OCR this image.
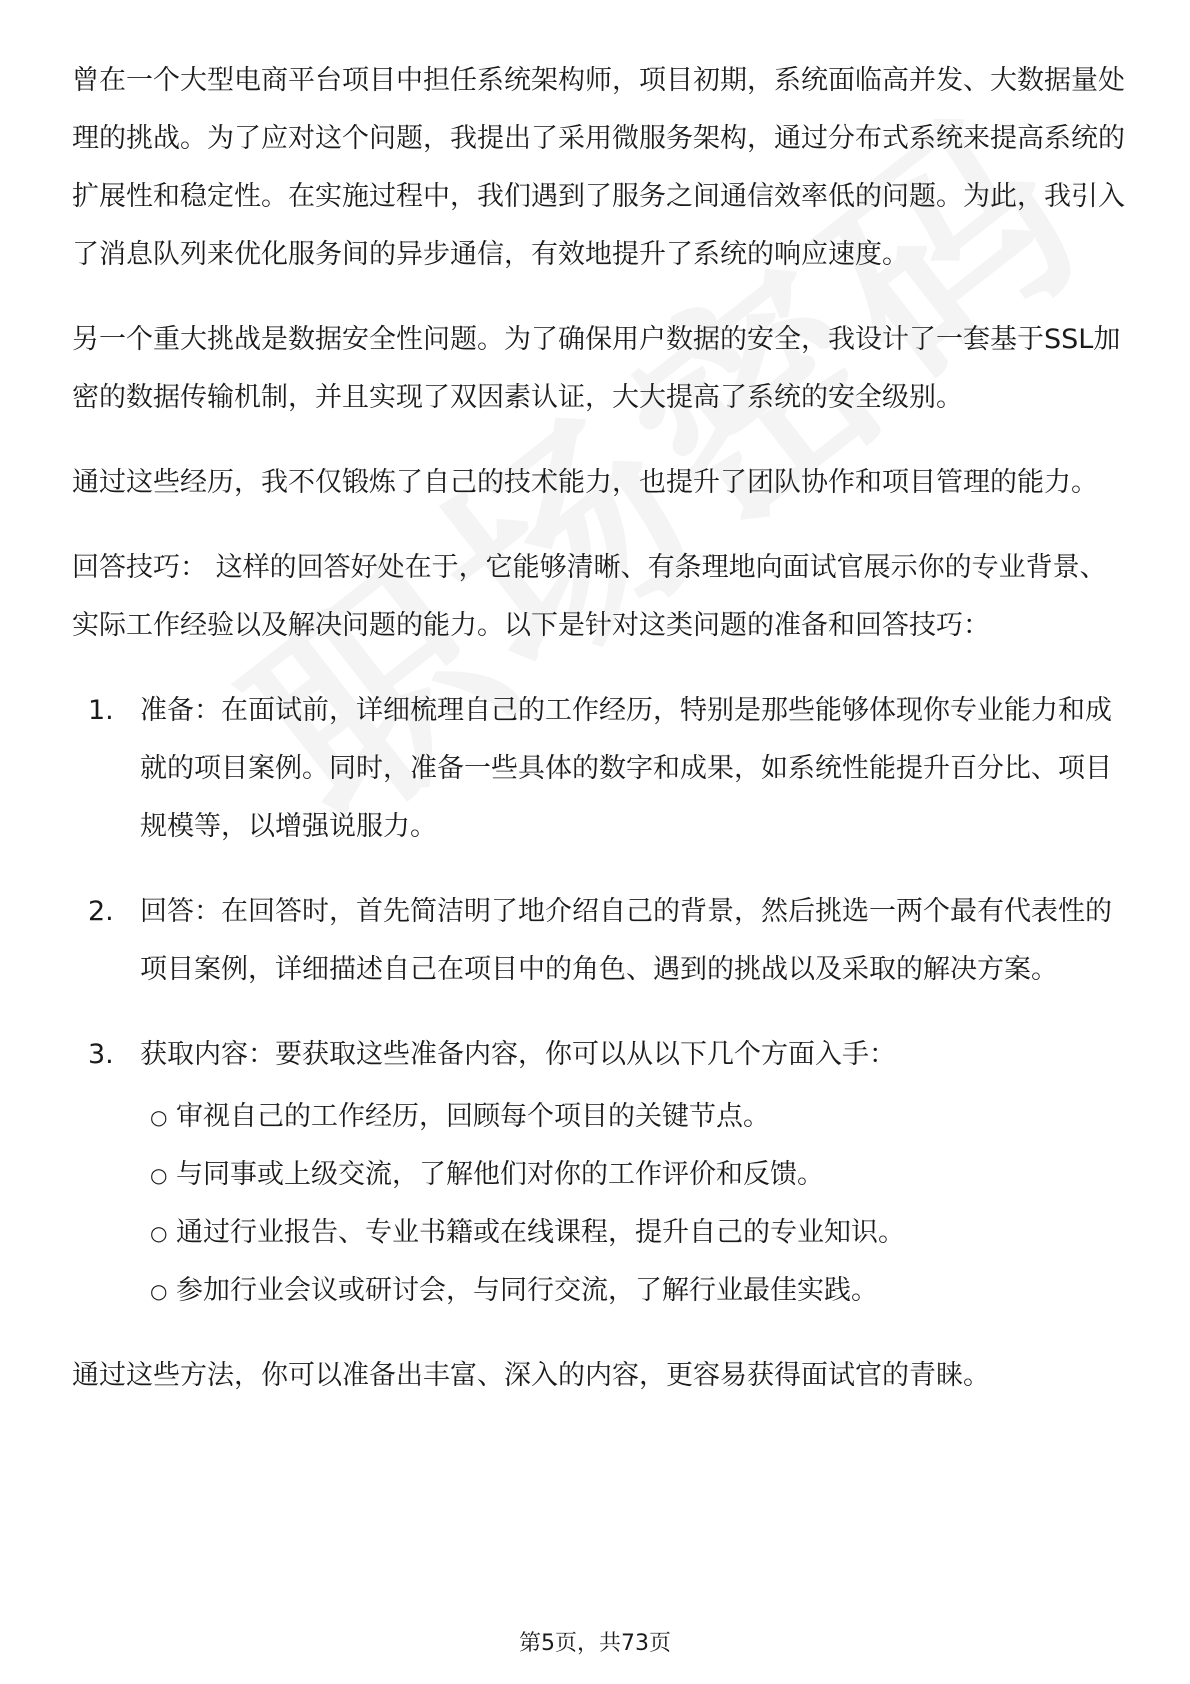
曾在一个大型电商平台项目中担任系统架构师，项目初期，系统面临高并发、大数据量处理的挑战。为了应对这个问题，我提出了采用微服务架构，通过分布式系统来提高系统的扩展性和稳定性。在实施过程中，我们遇到了服务之间通信效率低的问题。为此，我引入了消息队列来优化服务间的异步通信，有效地提升了系统的响应速度。

另一个重大挑战是数据安全性问题。为了确保用户数据的安全，我设计了一套基于SSL加密的数据传输机制，并且实现了双因素认证，大大提高了系统的安全级别。

通过这些经历，我不仅锻炼了自己的技术能力，也提升了团队协作和项目管理的能力。

回答技巧： 这样的回答好处在于，它能够清晰、有条理地向面试官展示你的专业背景、实际工作经验以及解决问题的能力。以下是针对这类问题的准备和回答技巧：

1. 准备：在面试前，详细梳理自己的工作经历，特别是那些能够体现你专业能力和成就的项目案例。同时，准备一些具体的数字和成果，如系统性能提升百分比、项目规模等，以增强说服力。
2. 回答：在回答时，首先简洁明了地介绍自己的背景，然后挑选一两个最有代表性的项目案例，详细描述自己在项目中的角色、遇到的挑战以及采取的解决方案。
3. 获取内容：要获取这些准备内容，你可以从以下几个方面入手：
○ 审视自己的工作经历，回顾每个项目的关键节点。
○ 与同事或上级交流，了解他们对你的工作评价和反馈。
○ 通过行业报告、专业书籍或在线课程，提升自己的专业知识。
○ 参加行业会议或研讨会，与同行交流，了解行业最佳实践。

通过这些方法，你可以准备出丰富、深入的内容，更容易获得面试官的青睐。

第5页，共73页
